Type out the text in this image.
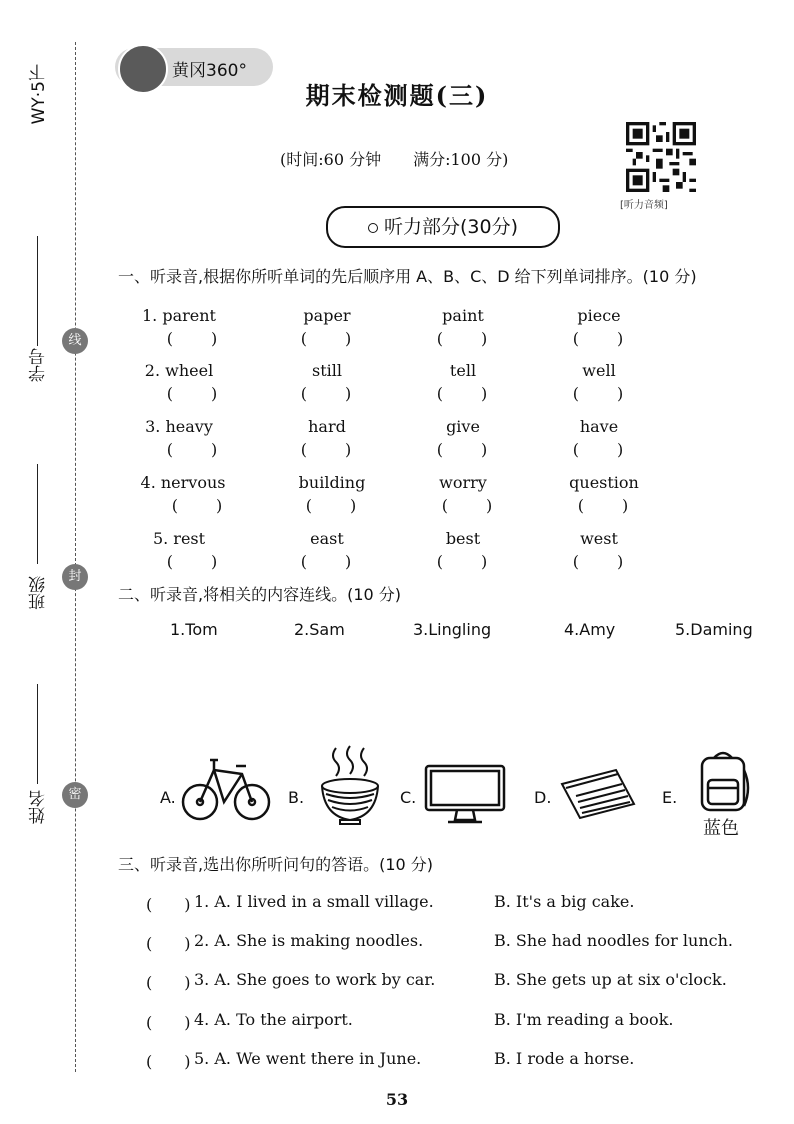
WY·5下
学号
班级
姓名
线
封
密
黄冈360°
期末检测题(三)
(时间:60 分钟　　满分:100 分)
[听力音频]
听力部分(30分)
一、听录音,根据你所听单词的先后顺序用 A、B、C、D 给下列单词排序。(10 分)
1. parent	paper	paint	piece
(　　)	(　　)	(　　)	(　　)
2. wheel	still	tell	well
(　　)	(　　)	(　　)	(　　)
3. heavy	hard	give	have
(　　)	(　　)	(　　)	(　　)
4. nervous	building	worry	question
(　　)	(　　)	(　　)	(　　)
5. rest	east	best	west
(　　)	(　　)	(　　)	(　　)
二、听录音,将相关的内容连线。(10 分)
1.Tom	2.Sam	3.Lingling	4.Amy	5.Daming
A.	B.	C.	D.	E.
蓝色
三、听录音,选出你所听问句的答语。(10 分)
(　　) 1. A. I lived in a small village.	B. It's a big cake.
(　　) 2. A. She is making noodles.	B. She had noodles for lunch.
(　　) 3. A. She goes to work by car.	B. She gets up at six o'clock.
(　　) 4. A. To the airport.	B. I'm reading a book.
(　　) 5. A. We went there in June.	B. I rode a horse.
53
